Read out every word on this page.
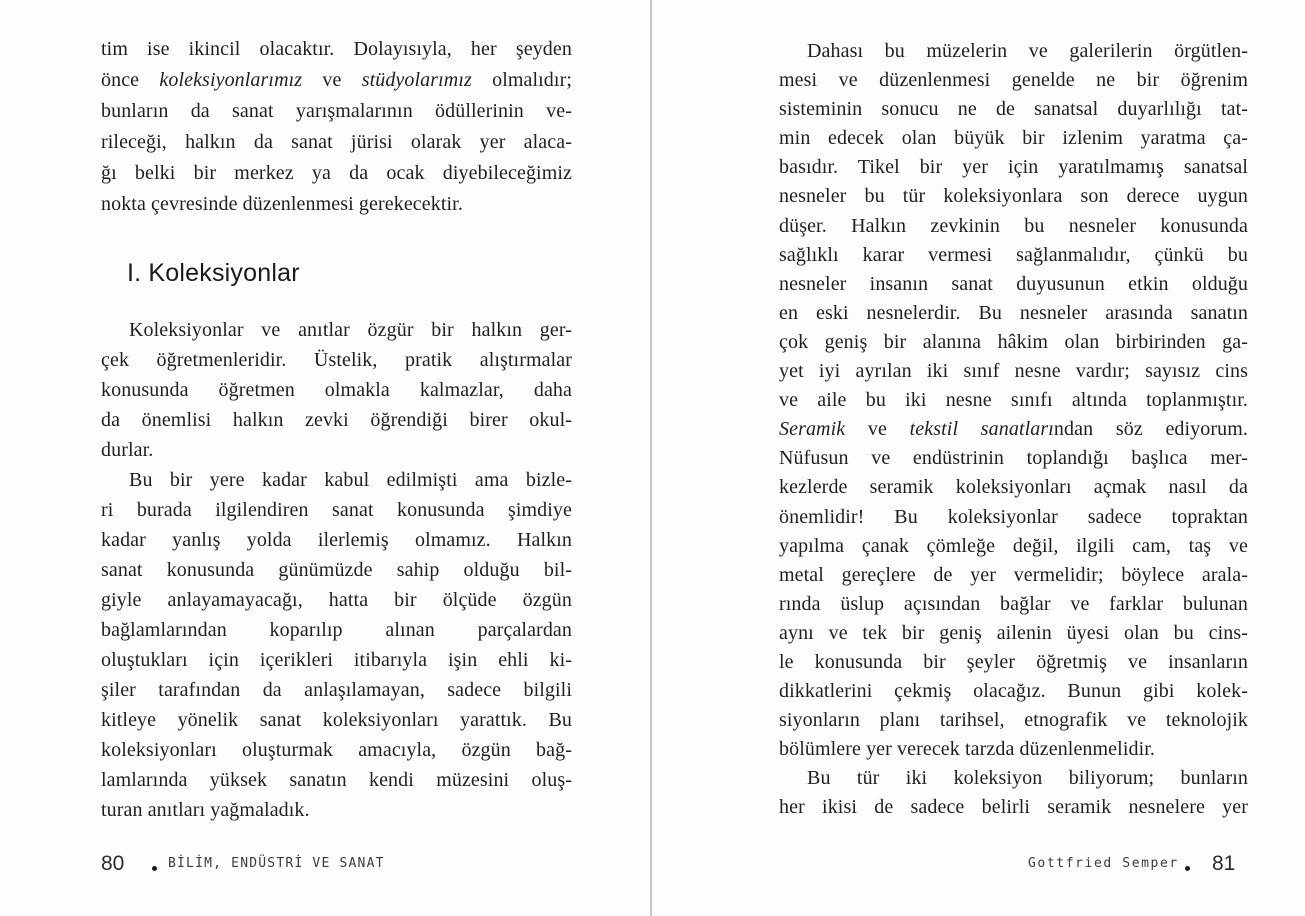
tim ise ikincil olacaktır. Dolayısıyla, her şeyden
önce koleksiyonlarımız ve stüdyolarımız olmalıdır;
bunların da sanat yarışmalarının ödüllerinin ve-
rileceği, halkın da sanat jürisi olarak yer alaca-
ğı belki bir merkez ya da ocak diyebileceğimiz
nokta çevresinde düzenlenmesi gerekecektir.
I. Koleksiyonlar
Koleksiyonlar ve anıtlar özgür bir halkın ger-
çek öğretmenleridir. Üstelik, pratik alıştırmalar
konusunda öğretmen olmakla kalmazlar, daha
da önemlisi halkın zevki öğrendiği birer okul-
durlar.
Bu bir yere kadar kabul edilmişti ama bizle-
ri burada ilgilendiren sanat konusunda şimdiye
kadar yanlış yolda ilerlemiş olmamız. Halkın
sanat konusunda günümüzde sahip olduğu bil-
giyle anlayamayacağı, hatta bir ölçüde özgün
bağlamlarından koparılıp alınan parçalardan
oluştukları için içerikleri itibarıyla işin ehli ki-
şiler tarafından da anlaşılamayan, sadece bilgili
kitleye yönelik sanat koleksiyonları yarattık. Bu
koleksiyonları oluşturmak amacıyla, özgün bağ-
lamlarında yüksek sanatın kendi müzesini oluş-
turan anıtları yağmaladık.
80	BİLİM, ENDÜSTRİ VE SANAT
Dahası bu müzelerin ve galerilerin örgütlen-
mesi ve düzenlenmesi genelde ne bir öğrenim
sisteminin sonucu ne de sanatsal duyarlılığı tat-
min edecek olan büyük bir izlenim yaratma ça-
basıdır. Tikel bir yer için yaratılmamış sanatsal
nesneler bu tür koleksiyonlara son derece uygun
düşer. Halkın zevkinin bu nesneler konusunda
sağlıklı karar vermesi sağlanmalıdır, çünkü bu
nesneler insanın sanat duyusunun etkin olduğu
en eski nesnelerdir. Bu nesneler arasında sanatın
çok geniş bir alanına hâkim olan birbirinden ga-
yet iyi ayrılan iki sınıf nesne vardır; sayısız cins
ve aile bu iki nesne sınıfı altında toplanmıştır.
Seramik ve tekstil sanatlarından söz ediyorum.
Nüfusun ve endüstrinin toplandığı başlıca mer-
kezlerde seramik koleksiyonları açmak nasıl da
önemlidir! Bu koleksiyonlar sadece topraktan
yapılma çanak çömleğe değil, ilgili cam, taş ve
metal gereçlere de yer vermelidir; böylece arala-
rında üslup açısından bağlar ve farklar bulunan
aynı ve tek bir geniş ailenin üyesi olan bu cins-
le konusunda bir şeyler öğretmiş ve insanların
dikkatlerini çekmiş olacağız. Bunun gibi kolek-
siyonların planı tarihsel, etnografik ve teknolojik
bölümlere yer verecek tarzda düzenlenmelidir.
Bu tür iki koleksiyon biliyorum; bunların
her ikisi de sadece belirli seramik nesnelere yer
Gottfried Semper 81
